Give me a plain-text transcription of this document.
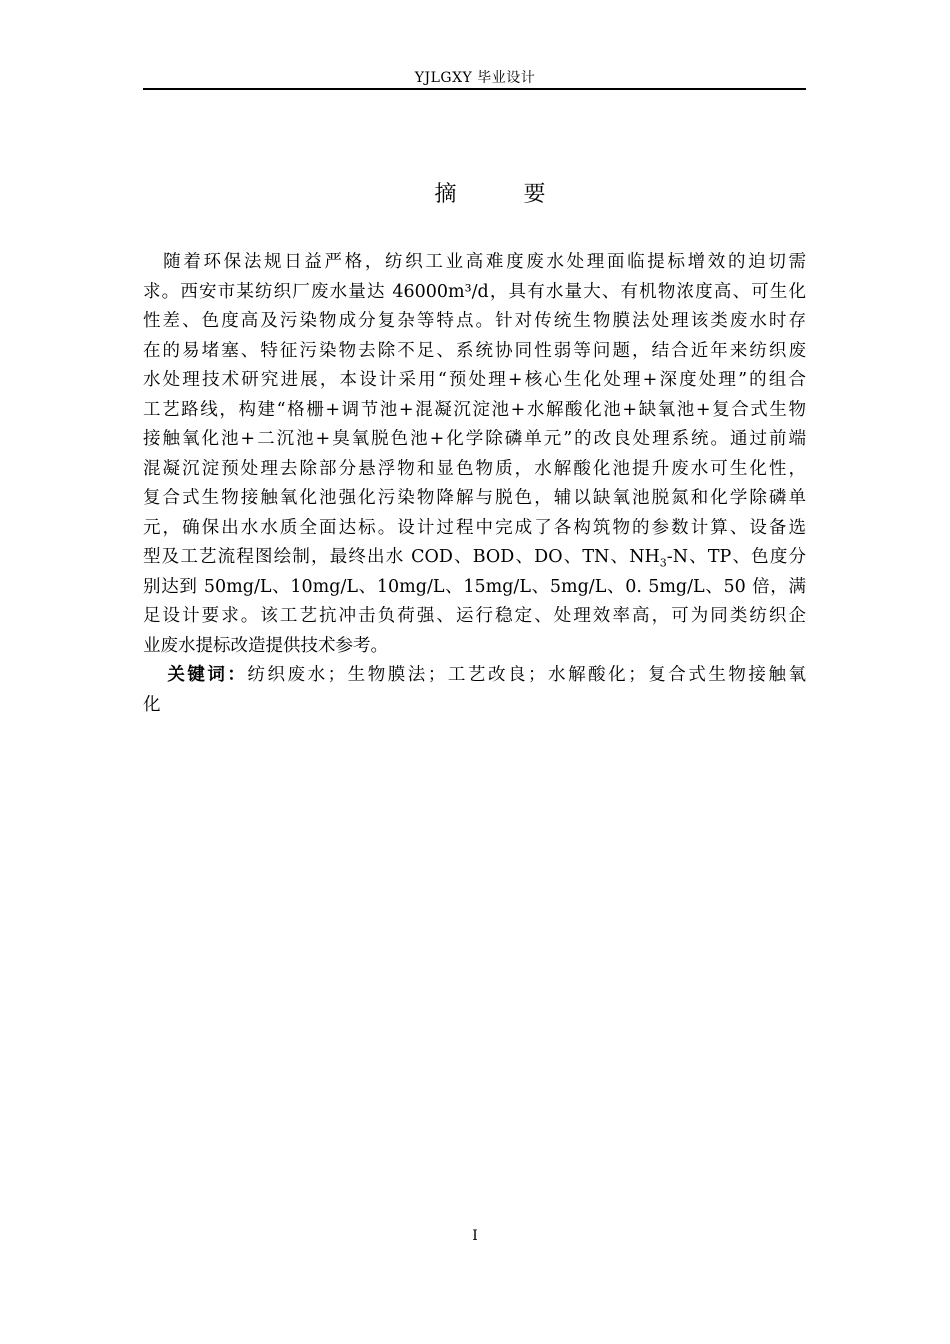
YJLGXY 毕业设计
摘 要
　随着环保法规日益严格，纺织工业高难度废水处理面临提标增效的迫切需
求。西安市某纺织厂废水量达 46000m³/d，具有水量大、有机物浓度高、可生化
性差、色度高及污染物成分复杂等特点。针对传统生物膜法处理该类废水时存
在的易堵塞、特征污染物去除不足、系统协同性弱等问题，结合近年来纺织废
水处理技术研究进展，本设计采用“预处理+核心生化处理+深度处理”的组合
工艺路线，构建“格栅+调节池+混凝沉淀池+水解酸化池+缺氧池+复合式生物
接触氧化池+二沉池+臭氧脱色池+化学除磷单元”的改良处理系统。通过前端
混凝沉淀预处理去除部分悬浮物和显色物质，水解酸化池提升废水可生化性，
复合式生物接触氧化池强化污染物降解与脱色，辅以缺氧池脱氮和化学除磷单
元，确保出水水质全面达标。设计过程中完成了各构筑物的参数计算、设备选
型及工艺流程图绘制，最终出水 COD、BOD、DO、TN、$NH_3-N$、TP、色度分
别达到 50mg/L、10mg/L、10mg/L、15mg/L、5mg/L、0. 5mg/L、50 倍，满
足设计要求。该工艺抗冲击负荷强、运行稳定、处理效率高，可为同类纺织企
业废水提标改造提供技术参考。
　 关键词：纺织废水；生物膜法；工艺改良；水解酸化；复合式生物接触氧
化
I
